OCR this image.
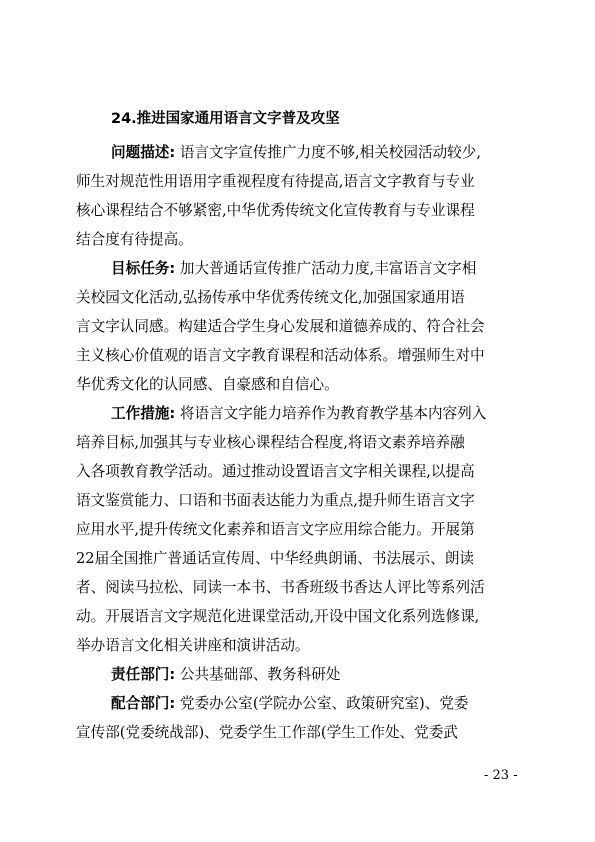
24.推进国家通用语言文字普及攻坚
问题描述: 语言文字宣传推广力度不够,相关校园活动较少,
师生对规范性用语用字重视程度有待提高,语言文字教育与专业
核心课程结合不够紧密,中华优秀传统文化宣传教育与专业课程
结合度有待提高。
目标任务: 加大普通话宣传推广活动力度,丰富语言文字相
关校园文化活动,弘扬传承中华优秀传统文化,加强国家通用语
言文字认同感。构建适合学生身心发展和道德养成的、符合社会
主义核心价值观的语言文字教育课程和活动体系。增强师生对中
华优秀文化的认同感、自豪感和自信心。
工作措施: 将语言文字能力培养作为教育教学基本内容列入
培养目标,加强其与专业核心课程结合程度,将语文素养培养融
入各项教育教学活动。通过推动设置语言文字相关课程,以提高
语文鉴赏能力、口语和书面表达能力为重点,提升师生语言文字
应用水平,提升传统文化素养和语言文字应用综合能力。开展第
22届全国推广普通话宣传周、中华经典朗诵、书法展示、朗读
者、阅读马拉松、同读一本书、书香班级书香达人评比等系列活
动。开展语言文字规范化进课堂活动,开设中国文化系列选修课,
举办语言文化相关讲座和演讲活动。
责任部门: 公共基础部、教务科研处
配合部门: 党委办公室(学院办公室、政策研究室)、党委
宣传部(党委统战部)、党委学生工作部(学生工作处、党委武
- 23 -
